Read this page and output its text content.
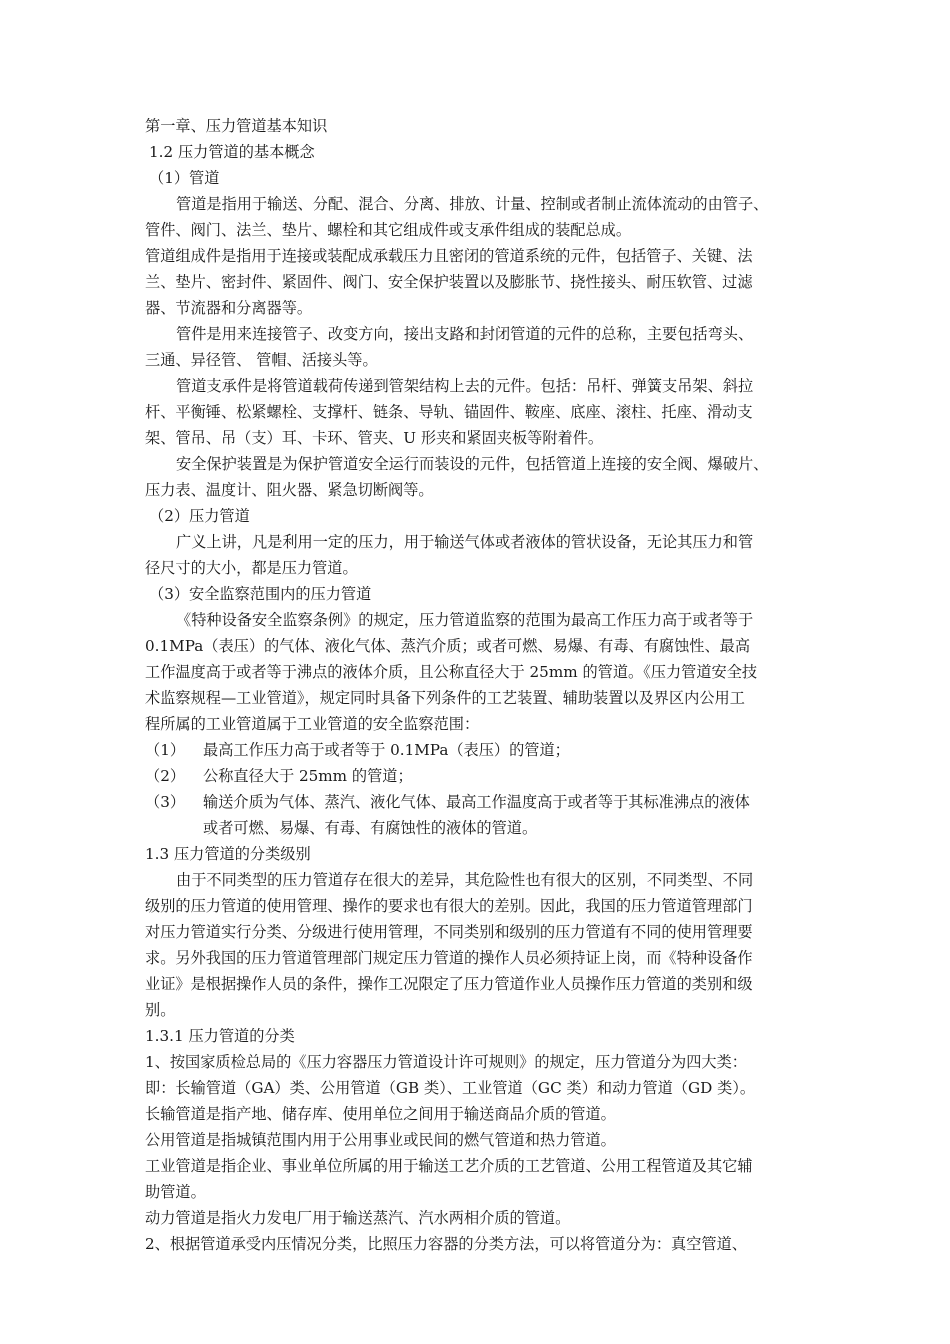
第一章、压力管道基本知识
1.2 压力管道的基本概念
（1）管道
管道是指用于输送、分配、混合、分离、排放、计量、控制或者制止流体流动的由管子、
管件、阀门、法兰、垫片、螺栓和其它组成件或支承件组成的装配总成。
管道组成件是指用于连接或装配成承载压力且密闭的管道系统的元件，包括管子、关键、法
兰、垫片、密封件、紧固件、阀门、安全保护装置以及膨胀节、挠性接头、耐压软管、过滤
器、节流器和分离器等。
管件是用来连接管子、改变方向，接出支路和封闭管道的元件的总称，主要包括弯头、
三通、异径管、 管帽、活接头等。
管道支承件是将管道载荷传递到管架结构上去的元件。包括：吊杆、弹簧支吊架、斜拉
杆、平衡锤、松紧螺栓、支撑杆、链条、导轨、锚固件、鞍座、底座、滚柱、托座、滑动支
架、管吊、吊（支）耳、卡环、管夹、U 形夹和紧固夹板等附着件。
安全保护装置是为保护管道安全运行而装设的元件，包括管道上连接的安全阀、爆破片、
压力表、温度计、阻火器、紧急切断阀等。
（2）压力管道
广义上讲，凡是利用一定的压力，用于输送气体或者液体的管状设备，无论其压力和管
径尺寸的大小，都是压力管道。
（3）安全监察范围内的压力管道
《特种设备安全监察条例》的规定，压力管道监察的范围为最高工作压力高于或者等于
0.1MPa（表压）的气体、液化气体、蒸汽介质；或者可燃、易爆、有毒、有腐蚀性、最高
工作温度高于或者等于沸点的液体介质，且公称直径大于 25mm 的管道。《压力管道安全技
术监察规程—工业管道》，规定同时具备下列条件的工艺装置、辅助装置以及界区内公用工
程所属的工业管道属于工业管道的安全监察范围：
（1） 最高工作压力高于或者等于 0.1MPa（表压）的管道；
（2） 公称直径大于 25mm 的管道；
（3） 输送介质为气体、蒸汽、液化气体、最高工作温度高于或者等于其标准沸点的液体
或者可燃、易爆、有毒、有腐蚀性的液体的管道。
1.3 压力管道的分类级别
由于不同类型的压力管道存在很大的差异，其危险性也有很大的区别，不同类型、不同
级别的压力管道的使用管理、操作的要求也有很大的差别。因此，我国的压力管道管理部门
对压力管道实行分类、分级进行使用管理，不同类别和级别的压力管道有不同的使用管理要
求。另外我国的压力管道管理部门规定压力管道的操作人员必须持证上岗，而《特种设备作
业证》是根据操作人员的条件，操作工况限定了压力管道作业人员操作压力管道的类别和级
别。
1.3.1 压力管道的分类
1、按国家质检总局的《压力容器压力管道设计许可规则》的规定，压力管道分为四大类：
即：长输管道（GA）类、公用管道（GB 类）、工业管道（GC 类）和动力管道（GD 类）。
长输管道是指产地、储存库、使用单位之间用于输送商品介质的管道。
公用管道是指城镇范围内用于公用事业或民间的燃气管道和热力管道。
工业管道是指企业、事业单位所属的用于输送工艺介质的工艺管道、公用工程管道及其它辅
助管道。
动力管道是指火力发电厂用于输送蒸汽、汽水两相介质的管道。
2、根据管道承受内压情况分类，比照压力容器的分类方法，可以将管道分为：真空管道、
